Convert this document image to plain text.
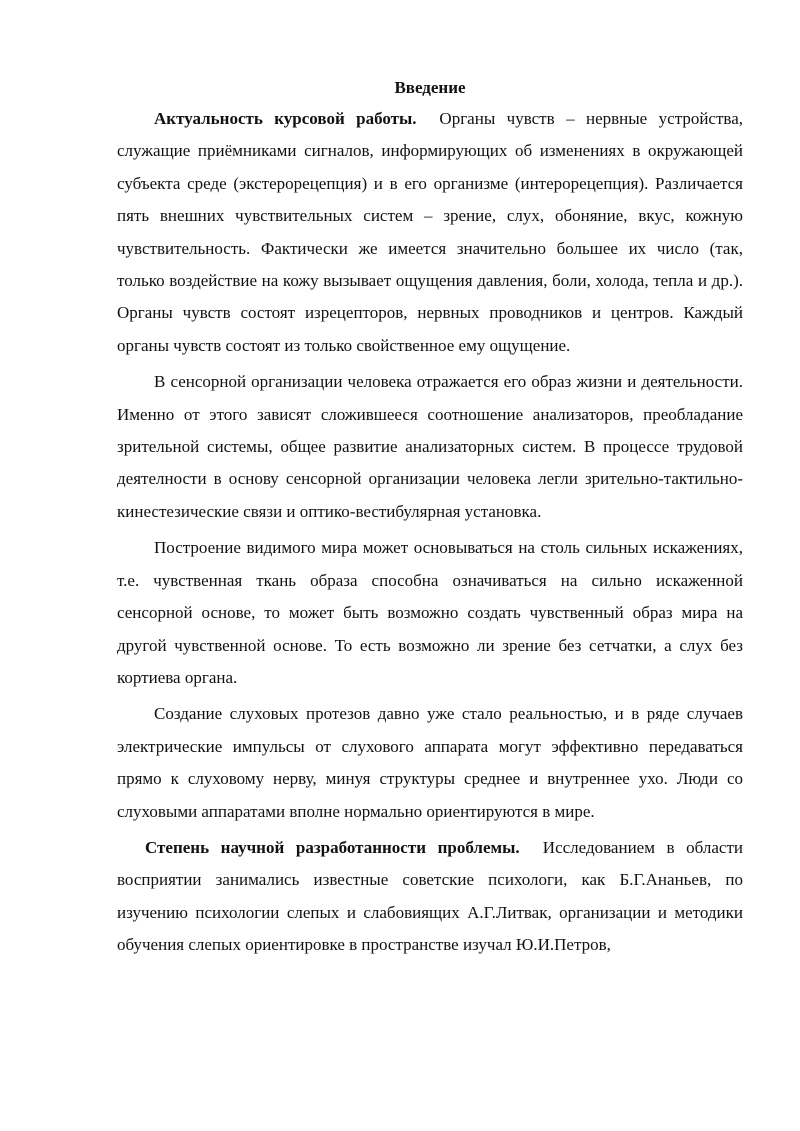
Введение

Актуальность курсовой работы. Органы чувств – нервные устройства, служащие приёмниками сигналов, информирующих об изменениях в окружающей субъекта среде (экстерорецепция) и в его организме (интерорецепция). Различается пять внешних чувствительных систем – зрение, слух, обоняние, вкус, кожную чувствительность. Фактически же имеется значительно большее их число (так, только воздействие на кожу вызывает ощущения давления, боли, холода, тепла и др.). Органы чувств состоят изрецепторов, нервных проводников и центров. Каждый органы чувств состоят из только свойственное ему ощущение.

В сенсорной организации человека отражается его образ жизни и деятельности. Именно от этого зависят сложившееся соотношение анализаторов, преобладание зрительной системы, общее развитие анализаторных систем. В процессе трудовой деятелности в основу сенсорной организации человека легли зрительно-тактильно-кинестезические связи и оптико-вестибулярная установка.

Построение видимого мира может основываться на столь сильных искажениях, т.е. чувственная ткань образа способна означиваться на сильно искаженной сенсорной основе, то может быть возможно создать чувственный образ мира на другой чувственной основе. То есть возможно ли зрение без сетчатки, а слух без кортиева органа.

Создание слуховых протезов давно уже стало реальностью, и в ряде случаев электрические импульсы от слухового аппарата могут эффективно передаваться прямо к слуховому нерву, минуя структуры среднее и внутреннее ухо. Люди со слуховыми аппаратами вполне нормально ориентируются в мире.

Степень научной разработанности проблемы. Исследованием в области восприятии занимались известные советские психологи, как Б.Г.Ананьев, по изучению психологии слепых и слабовиящих А.Г.Литвак, организации и методики обучения слепых ориентировке в пространстве изучал Ю.И.Петров,
